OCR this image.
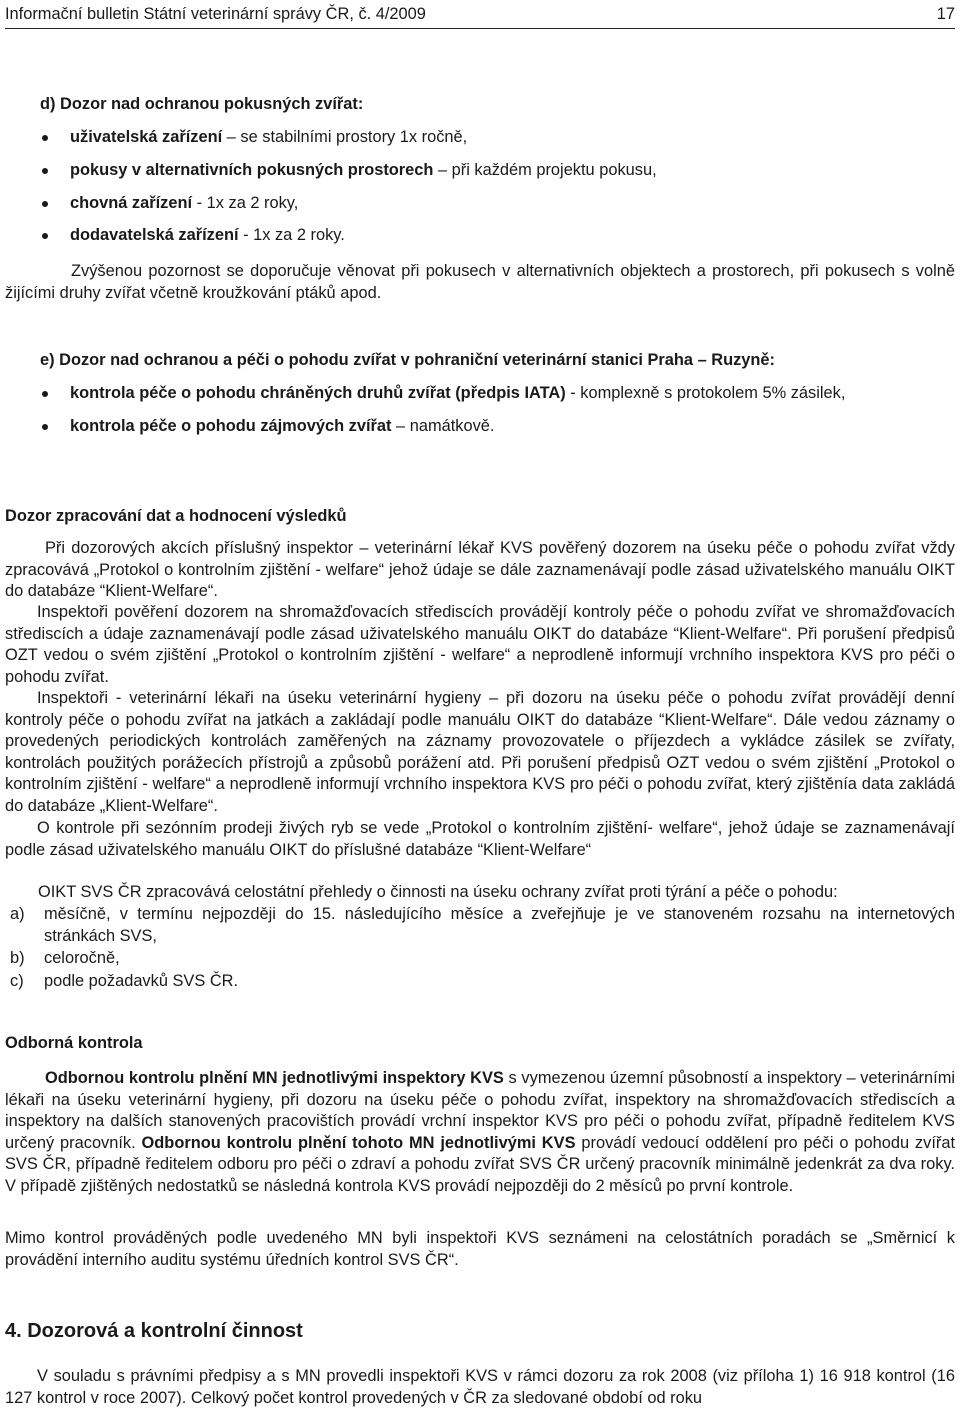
Informační bulletin Státní veterinární správy ČR, č. 4/2009	17
d) Dozor nad ochranou pokusných zvířat:
uživatelská zařízení – se stabilními prostory 1x ročně,
pokusy v alternativních pokusných prostorech – při každém projektu pokusu,
chovná zařízení - 1x za 2 roky,
dodavatelská zařízení - 1x za 2 roky.
Zvýšenou pozornost se doporučuje věnovat při pokusech v alternativních objektech a prostorech, při pokusech s volně žijícími druhy zvířat včetně kroužkování ptáků apod.
e) Dozor nad ochranou a péči o pohodu zvířat v pohraniční veterinární stanici Praha – Ruzyně:
kontrola péče o pohodu chráněných druhů zvířat (předpis IATA) - komplexně s protokolem 5% zásilek,
kontrola péče o pohodu zájmových zvířat – namátkově.
Dozor zpracování dat a hodnocení výsledků
Při dozorových akcích příslušný inspektor – veterinární lékař KVS pověřený dozorem na úseku péče o pohodu zvířat vždy zpracovává „Protokol o kontrolním zjištění - welfare“ jehož údaje se dále zaznamenávají podle zásad uživatelského manuálu OIKT do databáze “Klient-Welfare“.
Inspektoři pověření dozorem na shromažďovacích střediscích provádějí kontroly péče o pohodu zvířat ve shromažďovacích střediscích a údaje zaznamenávají podle zásad uživatelského manuálu OIKT do databáze “Klient-Welfare“. Při porušení předpisů OZT vedou o svém zjištění „Protokol o kontrolním zjištění - welfare“ a neprodleně informují vrchního inspektora KVS pro péči o pohodu zvířat.
Inspektoři - veterinární lékaři na úseku veterinární hygieny – při dozoru na úseku péče o pohodu zvířat provádějí denní kontroly péče o pohodu zvířat na jatkách a zakládají podle manuálu OIKT do databáze “Klient-Welfare“. Dále vedou záznamy o provedených periodických kontrolách zaměřených na záznamy provozovatele o příjezdech a vykládce zásilek se zvířaty, kontrolách použitých porážecích přístrojů a způsobů porážení atd. Při porušení předpisů OZT vedou o svém zjištění „Protokol o kontrolním zjištění - welfare“ a neprodleně informují vrchního inspektora KVS pro péči o pohodu zvířat, který zjištěnía data zakládá do databáze „Klient-Welfare“.
O kontrole při sezónním prodeji živých ryb se vede „Protokol o kontrolním zjištění- welfare“, jehož údaje se zaznamenávají podle zásad uživatelského manuálu OIKT do příslušné databáze “Klient-Welfare“
OIKT SVS ČR zpracovává celostátní přehledy o činnosti na úseku ochrany zvířat proti týrání a péče o pohodu:
a) měsíčně, v termínu nejpozději do 15. následujícího měsíce a zveřejňuje je ve stanoveném rozsahu na internetových stránkách SVS,
b) celoročně,
c) podle požadavků SVS ČR.
Odborná kontrola
Odbornou kontrolu plnění MN jednotlivými inspektory KVS s vymezenou územní působností a inspektory – veterinárními lékaři na úseku veterinární hygieny, při dozoru na úseku péče o pohodu zvířat, inspektory na shromažďovacích střediscích a inspektory na dalších stanovených pracovištích provádí vrchní inspektor KVS pro péči o pohodu zvířat, případně ředitelem KVS určený pracovník. Odbornou kontrolu plnění tohoto MN jednotlivými KVS provádí vedoucí oddělení pro péči o pohodu zvířat SVS ČR, případně ředitelem odboru pro péči o zdraví a pohodu zvířat SVS ČR určený pracovník minimálně jedenkrát za dva roky. V případě zjištěných nedostatků se následná kontrola KVS provádí nejpozději do 2 měsíců po první kontrole.
Mimo kontrol prováděných podle uvedeného MN byli inspektoři KVS seznámeni na celostátních poradách se „Směrnicí k provádění interního auditu systému úředních kontrol SVS ČR“.
4. Dozorová a kontrolní činnost
V souladu s právními předpisy a s MN provedli inspektoři KVS v rámci dozoru za rok 2008 (viz příloha 1) 16 918 kontrol (16 127 kontrol v roce 2007). Celkový počet kontrol provedených v ČR za sledované období od roku
